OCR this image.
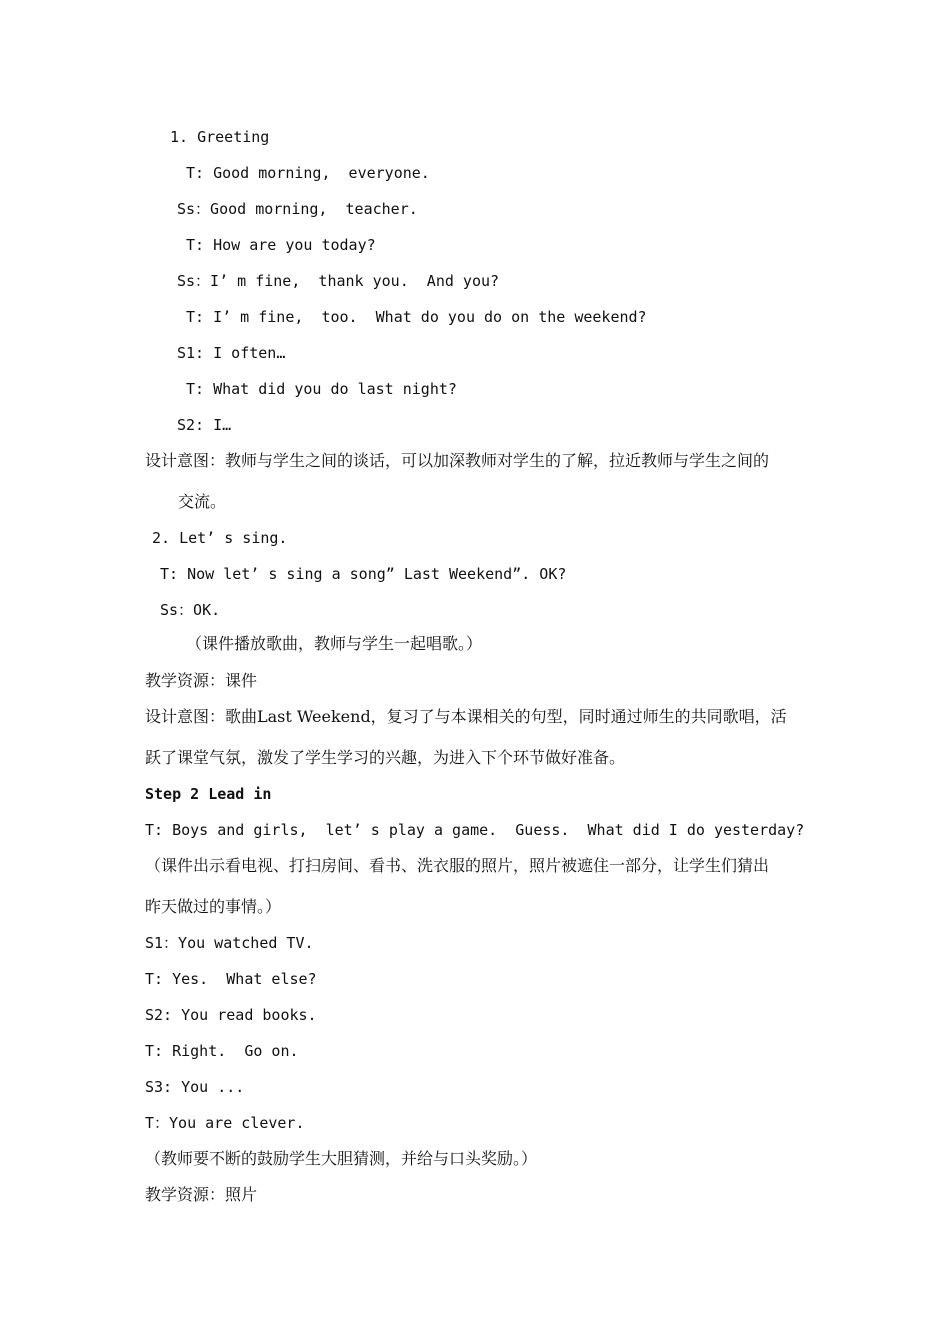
1. Greeting
T: Good morning,  everyone.
Ss：Good morning,  teacher.
T: How are you today?
Ss：I’ m fine,  thank you.  And you?
T: I’ m fine,  too.  What do you do on the weekend?
S1: I often…
T: What did you do last night?
S2: I…
设计意图：教师与学生之间的谈话，可以加深教师对学生的了解，拉近教师与学生之间的
交流。
2. Let’ s sing.
T: Now let’ s sing a song” Last Weekend”. OK?
Ss：OK.
（课件播放歌曲，教师与学生一起唱歌。）
教学资源：课件
设计意图：歌曲Last Weekend，复习了与本课相关的句型，同时通过师生的共同歌唱，活
跃了课堂气氛，激发了学生学习的兴趣，为进入下个环节做好准备。
Step 2 Lead in
T: Boys and girls,  let’ s play a game.  Guess.  What did I do yesterday?
（课件出示看电视、打扫房间、看书、洗衣服的照片，照片被遮住一部分，让学生们猜出
昨天做过的事情。）
S1：You watched TV.
T: Yes.  What else?
S2: You read books.
T: Right.  Go on.
S3: You ...
T：You are clever.
（教师要不断的鼓励学生大胆猜测，并给与口头奖励。）
教学资源：照片
